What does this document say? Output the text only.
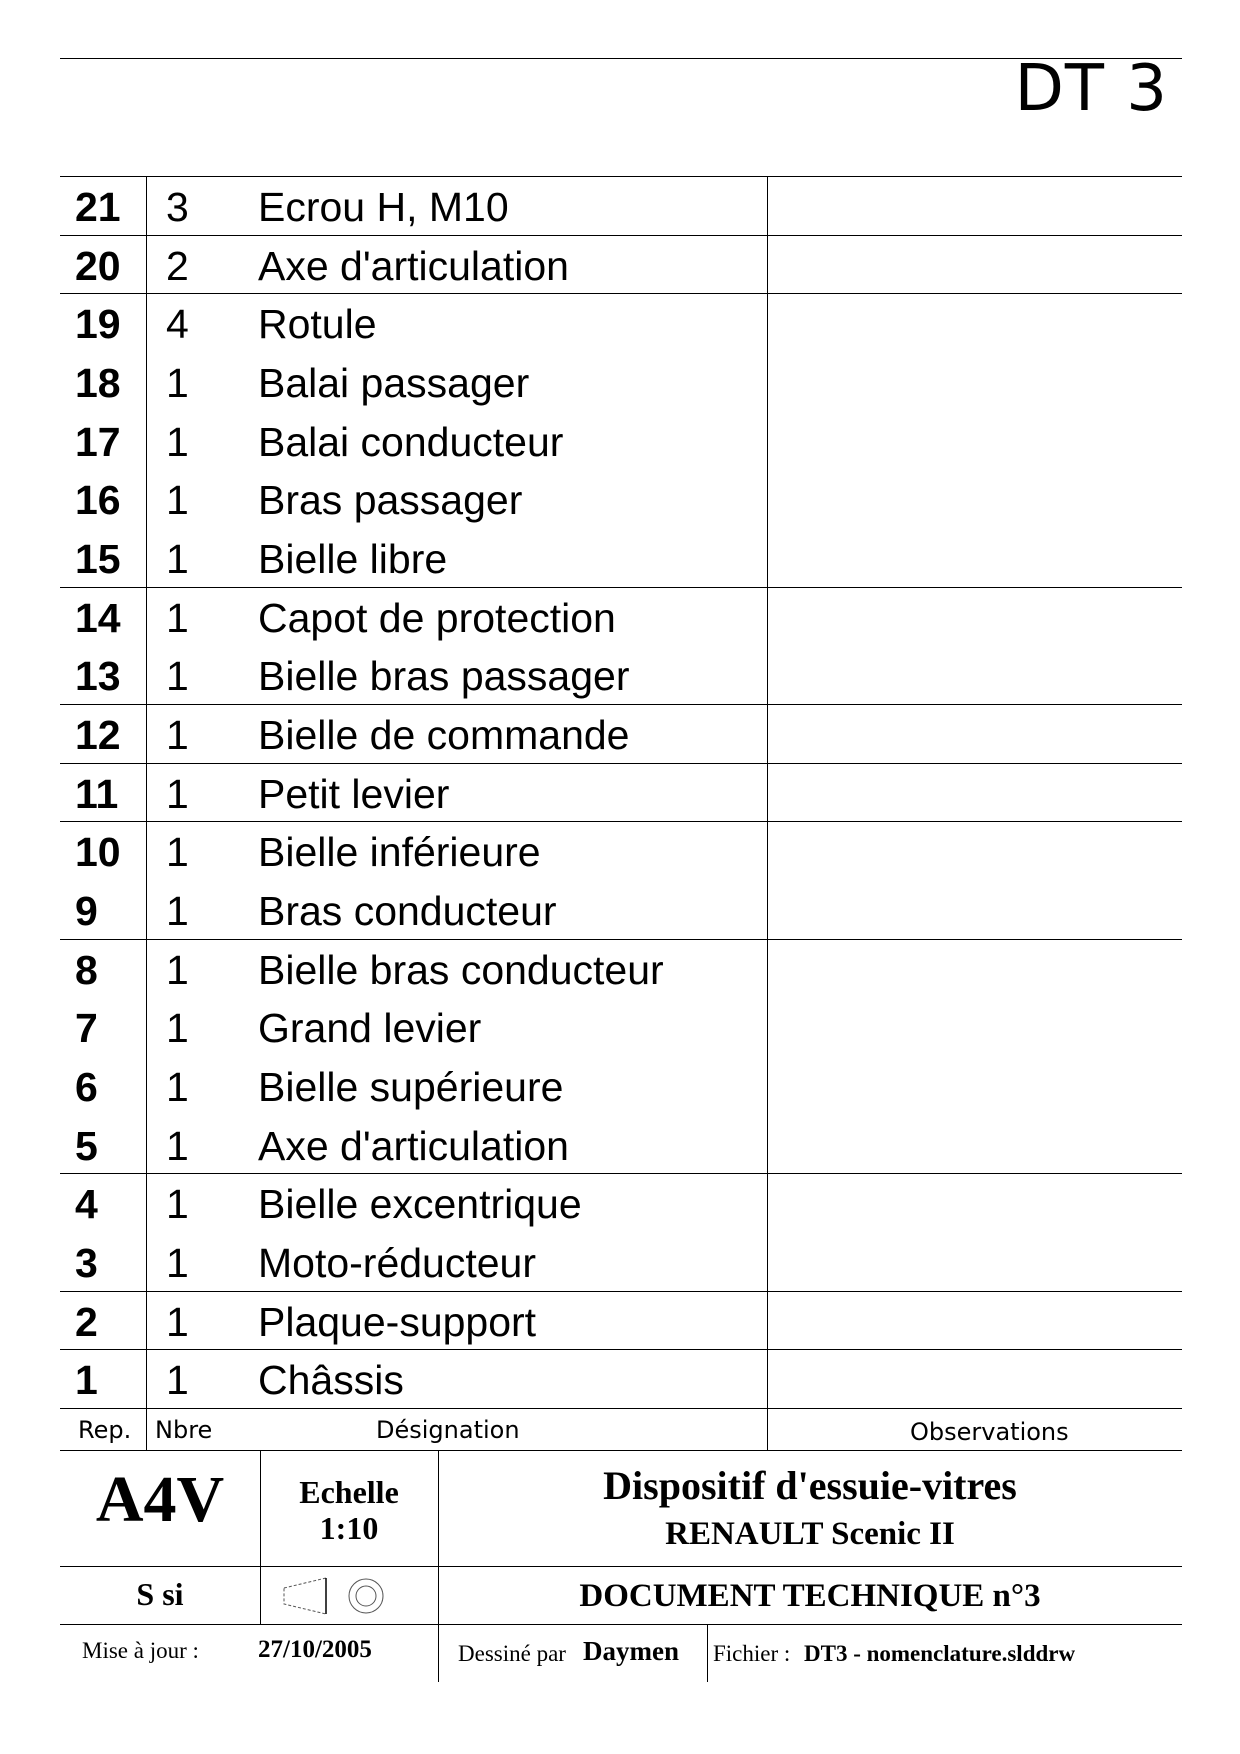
DT 3
21 3 Ecrou H, M10
20 2 Axe d'articulation
19 4 Rotule
18 1 Balai passager
17 1 Balai conducteur
16 1 Bras passager
15 1 Bielle libre
14 1 Capot de protection
13 1 Bielle bras passager
12 1 Bielle de commande
11 1 Petit levier
10 1 Bielle inférieure
9 1 Bras conducteur
8 1 Bielle bras conducteur
7 1 Grand levier
6 1 Bielle supérieure
5 1 Axe d'articulation
4 1 Bielle excentrique
3 1 Moto-réducteur
2 1 Plaque-support
1 1 Châssis
Rep. Nbre	Désignation	Observations
A4V	Echelle
1:10
Dispositif d'essuie-vitres
RENAULT Scenic II
S si	DOCUMENT TECHNIQUE n°3
Mise à jour : 27/10/2005	Dessiné par Daymen Fichier : DT3 - nomenclature.slddrw
